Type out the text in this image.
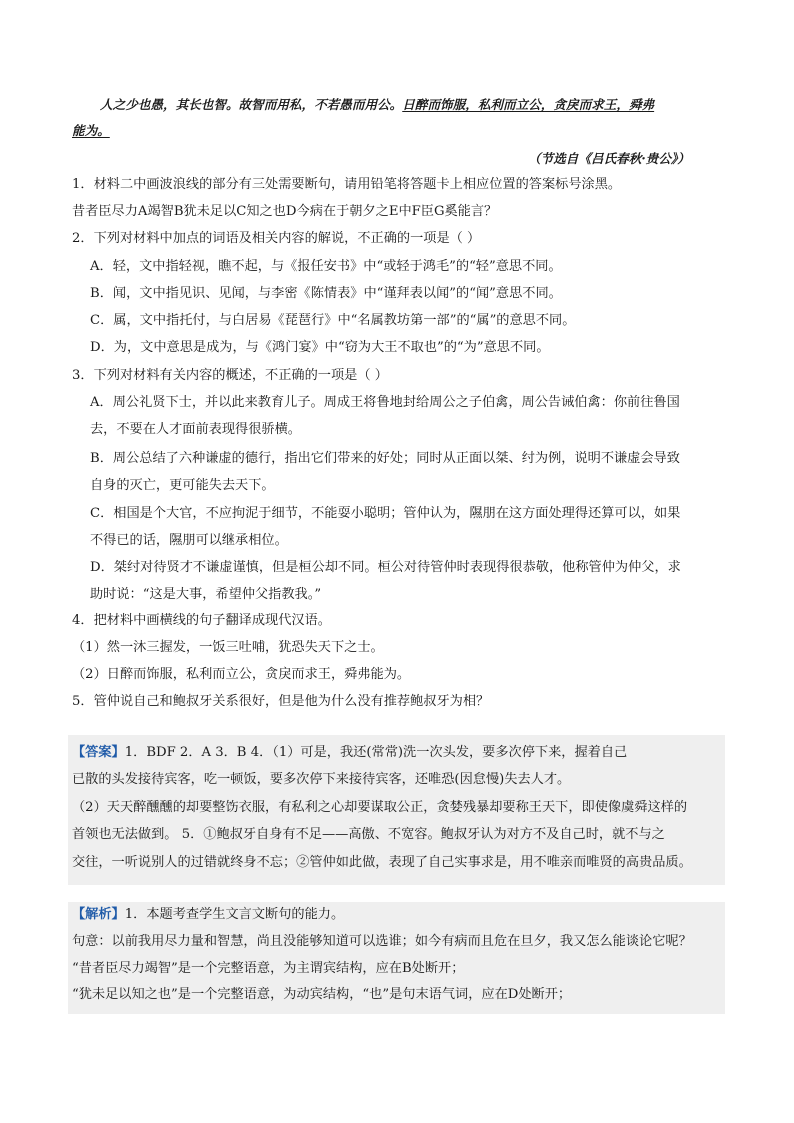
人之少也愚，其长也智。故智而用私，不若愚而用公。日醉而饰服，私利而立公，贪戾而求王，舜弗
能为。
（节选自《吕氏春秋·贵公》）
1．材料二中画波浪线的部分有三处需要断句，请用铅笔将答题卡上相应位置的答案标号涂黑。
昔者臣尽力A竭智B犹未足以C知之也D今病在于朝夕之E中F臣G奚能言？
2．下列对材料中加点的词语及相关内容的解说，不正确的一项是（ ）
A．轻，文中指轻视，瞧不起，与《报任安书》中“或轻于鸿毛”的“轻”意思不同。
B．闻，文中指见识、见闻，与李密《陈情表》中“谨拜表以闻”的“闻”意思不同。
C．属，文中指托付，与白居易《琵琶行》中“名属教坊第一部”的“属”的意思不同。
D．为，文中意思是成为，与《鸿门宴》中“窃为大王不取也”的“为”意思不同。
3．下列对材料有关内容的概述，不正确的一项是（ ）
A．周公礼贤下士，并以此来教育儿子。周成王将鲁地封给周公之子伯禽，周公告诫伯禽：你前往鲁国
去，不要在人才面前表现得很骄横。
B．周公总结了六种谦虚的德行，指出它们带来的好处；同时从正面以桀、纣为例，说明不谦虚会导致
自身的灭亡，更可能失去天下。
C．相国是个大官，不应拘泥于细节，不能耍小聪明；管仲认为，隰朋在这方面处理得还算可以，如果
不得已的话，隰朋可以继承相位。
D．桀纣对待贤才不谦虚谨慎，但是桓公却不同。桓公对待管仲时表现得很恭敬，他称管仲为仲父，求
助时说：“这是大事，希望仲父指教我。”
4．把材料中画横线的句子翻译成现代汉语。
（1）然一沐三握发，一饭三吐哺，犹恐失天下之士。
（2）日醉而饰服，私利而立公，贪戾而求王，舜弗能为。
5．管仲说自己和鲍叔牙关系很好，但是他为什么没有推荐鲍叔牙为相？
【答案】1．BDF 2．A 3．B 4．（1）可是，我还(常常)洗一次头发，要多次停下来，握着自己
已散的头发接待宾客，吃一顿饭，要多次停下来接待宾客，还唯恐(因怠慢)失去人才。
（2）天天醉醺醺的却要整饬衣服，有私利之心却要谋取公正，贪婪残暴却要称王天下，即使像虞舜这样的
首领也无法做到。 5．①鲍叔牙自身有不足——高傲、不宽容。鲍叔牙认为对方不及自己时，就不与之
交往，一听说别人的过错就终身不忘；②管仲如此做，表现了自己实事求是，用不唯亲而唯贤的高贵品质。
【解析】1．本题考查学生文言文断句的能力。
句意：以前我用尽力量和智慧，尚且没能够知道可以选谁；如今有病而且危在旦夕，我又怎么能谈论它呢？
“昔者臣尽力竭智”是一个完整语意，为主谓宾结构，应在B处断开；
“犹未足以知之也”是一个完整语意，为动宾结构，“也”是句末语气词，应在D处断开；
